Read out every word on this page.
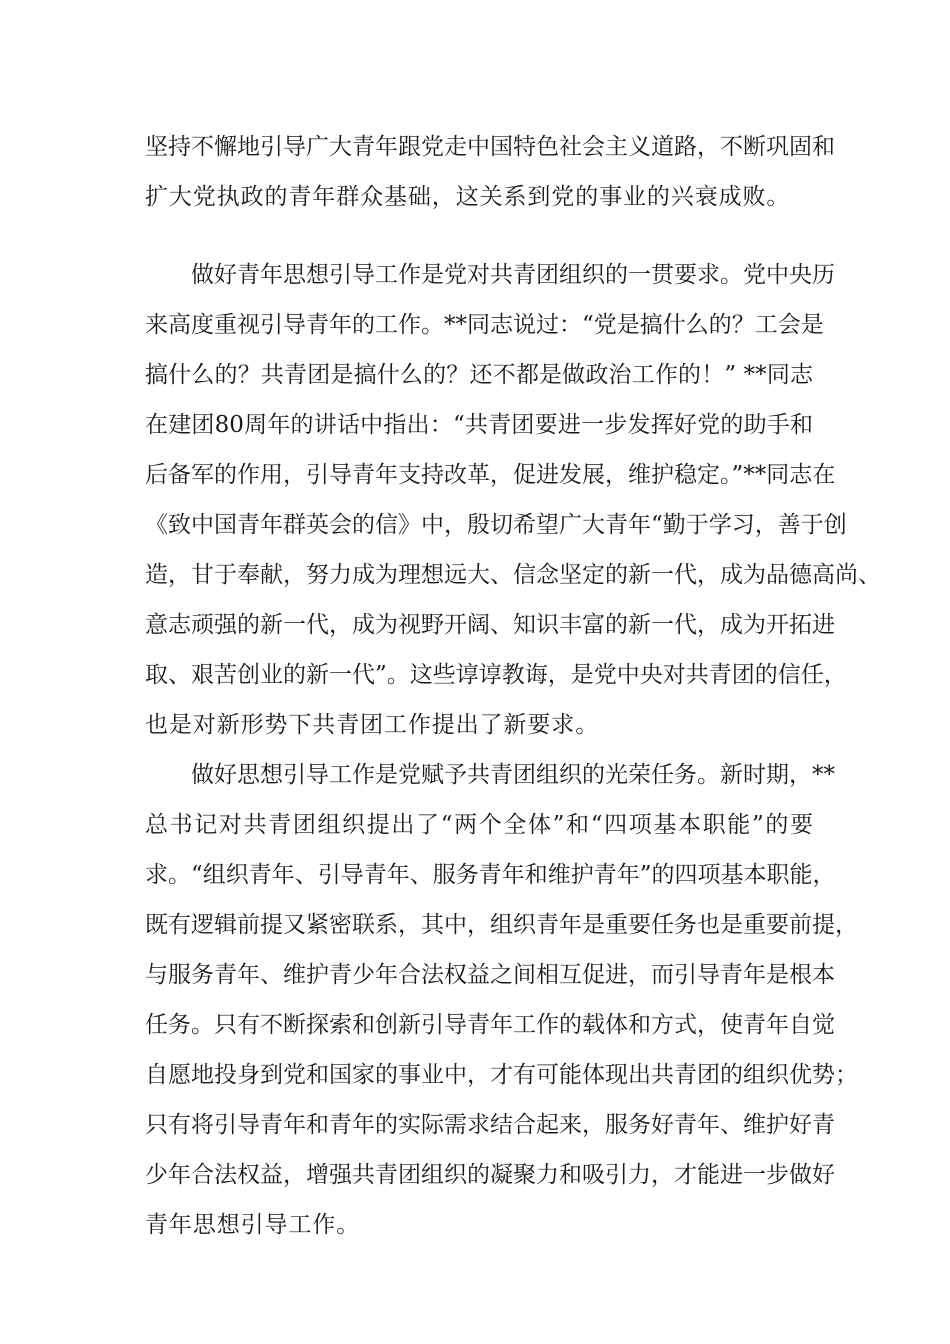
坚持不懈地引导广大青年跟党走中国特色社会主义道路，不断巩固和
扩大党执政的青年群众基础，这关系到党的事业的兴衰成败。
做好青年思想引导工作是党对共青团组织的一贯要求。党中央历
来高度重视引导青年的工作。**同志说过：“党是搞什么的？工会是
搞什么的？共青团是搞什么的？还不都是做政治工作的！” **同志
在建团80周年的讲话中指出：“共青团要进一步发挥好党的助手和
后备军的作用，引导青年支持改革，促进发展，维护稳定。”**同志在
《致中国青年群英会的信》中，殷切希望广大青年“勤于学习，善于创
造，甘于奉献，努力成为理想远大、信念坚定的新一代，成为品德高尚、
意志顽强的新一代，成为视野开阔、知识丰富的新一代，成为开拓进
取、艰苦创业的新一代”。这些谆谆教诲，是党中央对共青团的信任，
也是对新形势下共青团工作提出了新要求。
做好思想引导工作是党赋予共青团组织的光荣任务。新时期，**
总书记对共青团组织提出了“两个全体”和“四项基本职能”的要
求。“组织青年、引导青年、服务青年和维护青年”的四项基本职能，
既有逻辑前提又紧密联系，其中，组织青年是重要任务也是重要前提，
与服务青年、维护青少年合法权益之间相互促进，而引导青年是根本
任务。只有不断探索和创新引导青年工作的载体和方式，使青年自觉
自愿地投身到党和国家的事业中，才有可能体现出共青团的组织优势；
只有将引导青年和青年的实际需求结合起来，服务好青年、维护好青
少年合法权益，增强共青团组织的凝聚力和吸引力，才能进一步做好
青年思想引导工作。
